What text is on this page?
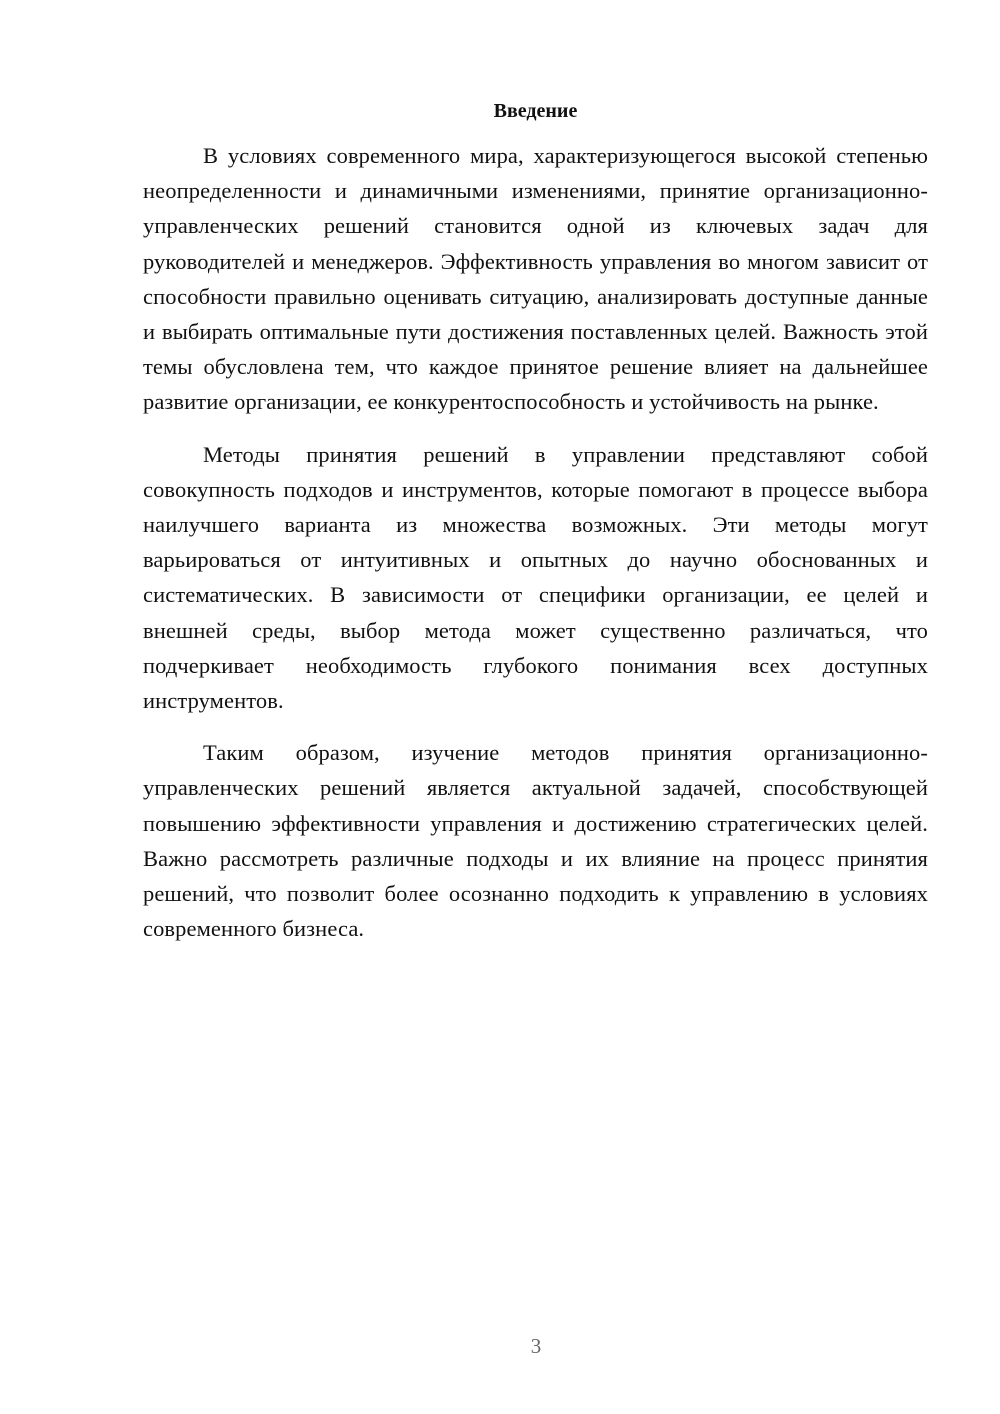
Введение

В условиях современного мира, характеризующегося высокой степенью неопределенности и динамичными изменениями, принятие организационно-управленческих решений становится одной из ключевых задач для руководителей и менеджеров. Эффективность управления во многом зависит от способности правильно оценивать ситуацию, анализировать доступные данные и выбирать оптимальные пути достижения поставленных целей. Важность этой темы обусловлена тем, что каждое принятое решение влияет на дальнейшее развитие организации, ее конкурентоспособность и устойчивость на рынке.

Методы принятия решений в управлении представляют собой совокупность подходов и инструментов, которые помогают в процессе выбора наилучшего варианта из множества возможных. Эти методы могут варьироваться от интуитивных и опытных до научно обоснованных и систематических. В зависимости от специфики организации, ее целей и внешней среды, выбор метода может существенно различаться, что подчеркивает необходимость глубокого понимания всех доступных инструментов.

Таким образом, изучение методов принятия организационно-управленческих решений является актуальной задачей, способствующей повышению эффективности управления и достижению стратегических целей. Важно рассмотреть различные подходы и их влияние на процесс принятия решений, что позволит более осознанно подходить к управлению в условиях современного бизнеса.

3
